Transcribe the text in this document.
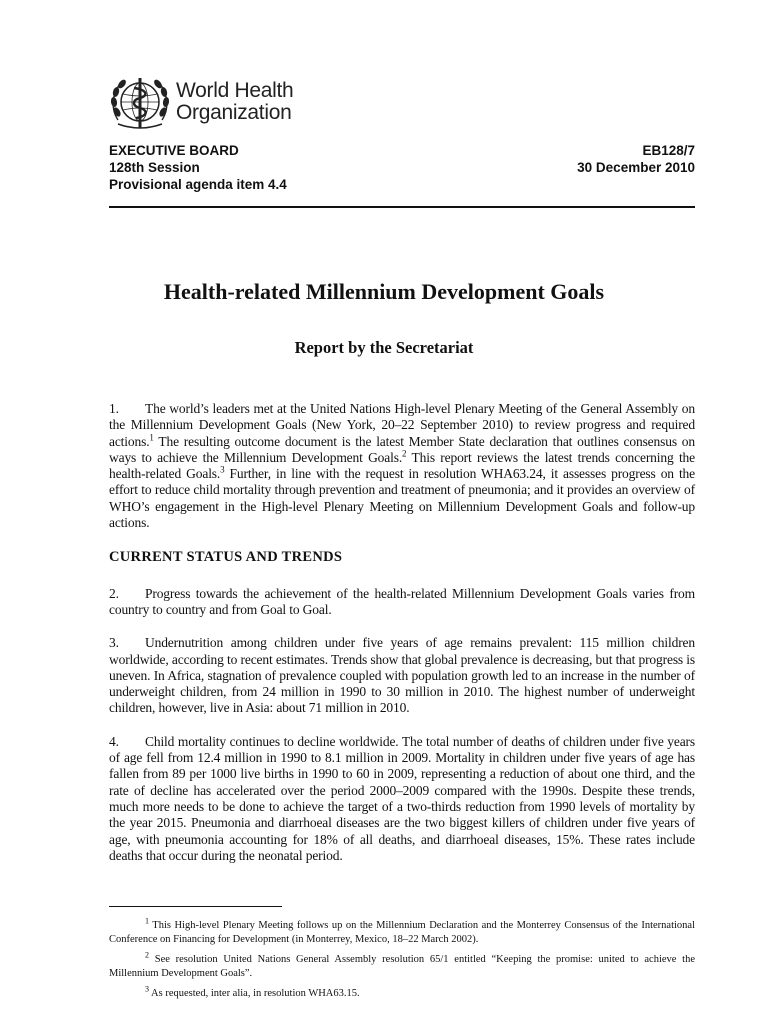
World Health
Organization
EXECUTIVE BOARD
128th Session
Provisional agenda item 4.4
EB128/7
30 December 2010
Health-related Millennium Development Goals
Report by the Secretariat

1. The world’s leaders met at the United Nations High-level Plenary Meeting of the General Assembly on the Millennium Development Goals (New York, 20–22 September 2010) to review progress and required actions.$^1$ The resulting outcome document is the latest Member State declaration that outlines consensus on ways to achieve the Millennium Development Goals.$^2$ This report reviews the latest trends concerning the health-related Goals.$^3$ Further, in line with the request in resolution WHA63.24, it assesses progress on the effort to reduce child mortality through prevention and treatment of pneumonia; and it provides an overview of WHO’s engagement in the High-level Plenary Meeting on Millennium Development Goals and follow-up actions.

CURRENT STATUS AND TRENDS

2. Progress towards the achievement of the health-related Millennium Development Goals varies from country to country and from Goal to Goal.

3. Undernutrition among children under five years of age remains prevalent: 115 million children worldwide, according to recent estimates. Trends show that global prevalence is decreasing, but that progress is uneven. In Africa, stagnation of prevalence coupled with population growth led to an increase in the number of underweight children, from 24 million in 1990 to 30 million in 2010. The highest number of underweight children, however, live in Asia: about 71 million in 2010.

4. Child mortality continues to decline worldwide. The total number of deaths of children under five years of age fell from 12.4 million in 1990 to 8.1 million in 2009. Mortality in children under five years of age has fallen from 89 per 1000 live births in 1990 to 60 in 2009, representing a reduction of about one third, and the rate of decline has accelerated over the period 2000–2009 compared with the 1990s. Despite these trends, much more needs to be done to achieve the target of a two-thirds reduction from 1990 levels of mortality by the year 2015. Pneumonia and diarrhoeal diseases are the two biggest killers of children under five years of age, with pneumonia accounting for 18% of all deaths, and diarrhoeal diseases, 15%. These rates include deaths that occur during the neonatal period.

$^1$ This High-level Plenary Meeting follows up on the Millennium Declaration and the Monterrey Consensus of the International Conference on Financing for Development (in Monterrey, Mexico, 18–22 March 2002).

$^2$ See resolution United Nations General Assembly resolution 65/1 entitled “Keeping the promise: united to achieve the Millennium Development Goals”.

$^3$ As requested, inter alia, in resolution WHA63.15.
